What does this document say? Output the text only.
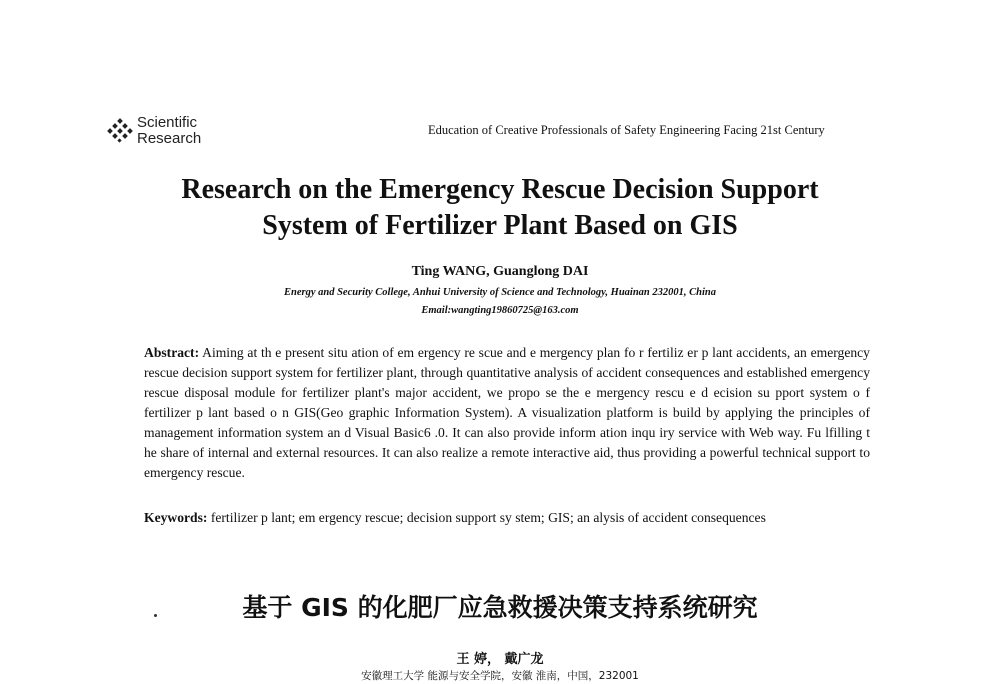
Scientific
Research	Education of Creative Professionals of Safety Engineering Facing 21st Century
Research on the Emergency Rescue Decision Support
System of Fertilizer Plant Based on GIS
Ting WANG, Guanglong DAI
Energy and Security College, Anhui University of Science and Technology, Huainan 232001, China
Email:wangting19860725@163.com
Abstract: Aiming at th e present situ ation of em ergency re scue and e mergency plan fo r fertiliz er p lant accidents, an emergency rescue decision support system for fertilizer plant, through quantitative analysis of accident consequences and established emergency rescue disposal module for fertilizer plant's major accident, we propo se the e mergency rescu e d ecision su pport system o f fertilizer p lant based o n GIS(Geo graphic Information System). A visualization platform is build by applying the principles of management information system an d Visual Basic6 .0. It can also provide inform ation inqu iry service with Web way. Fu lfilling t he share of internal and external resources. It can also realize a remote interactive aid, thus providing a powerful technical support to emergency rescue.
Keywords: fertilizer p lant; em ergency rescue; decision support sy stem; GIS; an alysis of accident consequences
基于 GIS 的化肥厂应急救援决策支持系统研究
王 婷， 戴广龙
安徽理工大学 能源与安全学院，安徽 淮南，中国，232001
